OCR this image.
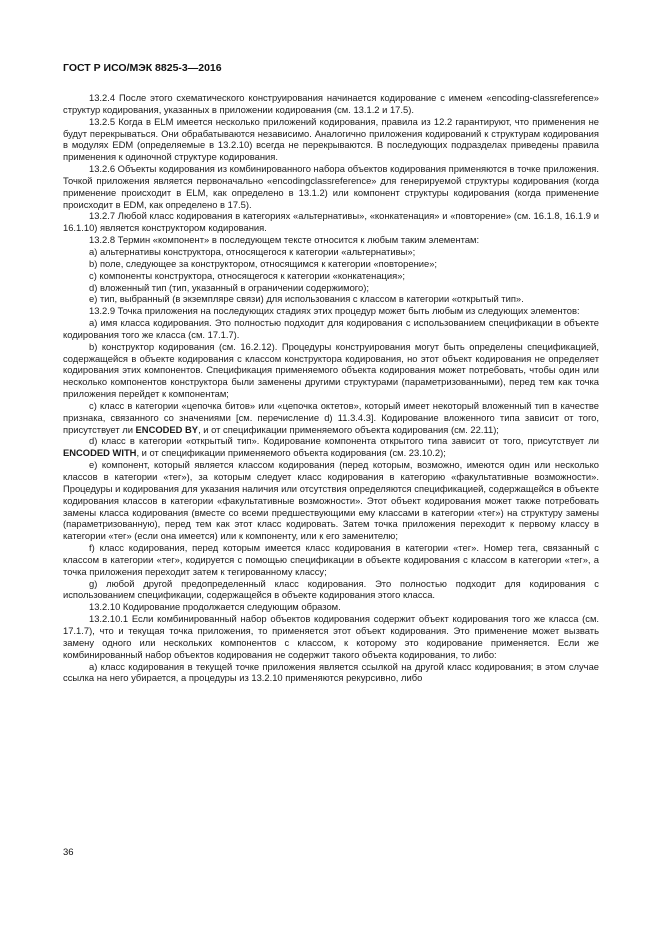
ГОСТ Р ИСО/МЭК 8825-3—2016

13.2.4 После этого схематического конструирования начинается кодирование с именем «encoding-classreference» структур кодирования, указанных в приложении кодирования (см. 13.1.2 и 17.5).

13.2.5 Когда в ELM имеется несколько приложений кодирования, правила из 12.2 гарантируют, что применения не будут перекрываться. Они обрабатываются независимо. Аналогично приложения кодирований к структурам кодирования в модулях EDM (определяемые в 13.2.10) всегда не перекрываются. В последующих подразделах приведены правила применения к одиночной структуре кодирования.

13.2.6 Объекты кодирования из комбинированного набора объектов кодирования применяются в точке приложения. Точкой приложения является первоначально «encodingclassreference» для генерируемой структуры кодирования (когда применение происходит в ELM, как определено в 13.1.2) или компонент структуры кодирования (когда применение происходит в EDM, как определено в 17.5).

13.2.7 Любой класс кодирования в категориях «альтернативы», «конкатенация» и «повторение» (см. 16.1.8, 16.1.9 и 16.1.10) является конструктором кодирования.

13.2.8 Термин «компонент» в последующем тексте относится к любым таким элементам:

a) альтернативы конструктора, относящегося к категории «альтернативы»;

b) поле, следующее за конструктором, относящимся к категории «повторение»;

c) компоненты конструктора, относящегося к категории «конкатенация»;

d) вложенный тип (тип, указанный в ограничении содержимого);

e) тип, выбранный (в экземпляре связи) для использования с классом в категории «открытый тип».

13.2.9 Точка приложения на последующих стадиях этих процедур может быть любым из следующих элементов:

a) имя класса кодирования. Это полностью подходит для кодирования с использованием спецификации в объекте кодирования того же класса (см. 17.1.7).

b) конструктор кодирования (см. 16.2.12). Процедуры конструирования могут быть определены спецификацией, содержащейся в объекте кодирования с классом конструктора кодирования, но этот объект кодирования не определяет кодирования этих компонентов. Спецификация применяемого объекта кодирования может потребовать, чтобы один или несколько компонентов конструктора были заменены другими структурами (параметризованными), перед тем как точка приложения перейдет к компонентам;

c) класс в категории «цепочка битов» или «цепочка октетов», который имеет некоторый вложенный тип в качестве признака, связанного со значениями [см. перечисление d) 11.3.4.3]. Кодирование вложенного типа зависит от того, присутствует ли ENCODED BY, и от спецификации применяемого объекта кодирования (см. 22.11);

d) класс в категории «открытый тип». Кодирование компонента открытого типа зависит от того, присутствует ли ENCODED WITH, и от спецификации применяемого объекта кодирования (см. 23.10.2);

e) компонент, который является классом кодирования (перед которым, возможно, имеются один или несколько классов в категории «тег»), за которым следует класс кодирования в категорию «факультативные возможности». Процедуры и кодирования для указания наличия или отсутствия определяются спецификацией, содержащейся в объекте кодирования классов в категории «факультативные возможности». Этот объект кодирования может также потребовать замены класса кодирования (вместе со всеми предшествующими ему классами в категории «тег») на структуру замены (параметризованную), перед тем как этот класс кодировать. Затем точка приложения переходит к первому классу в категории «тег» (если она имеется) или к компоненту, или к его заменителю;

f) класс кодирования, перед которым имеется класс кодирования в категории «тег». Номер тега, связанный с классом в категории «тег», кодируется с помощью спецификации в объекте кодирования с классом в категории «тег», а точка приложения переходит затем к тегированному классу;

g) любой другой предопределенный класс кодирования. Это полностью подходит для кодирования с использованием спецификации, содержащейся в объекте кодирования этого класса.

13.2.10 Кодирование продолжается следующим образом.

13.2.10.1 Если комбинированный набор объектов кодирования содержит объект кодирования того же класса (см. 17.1.7), что и текущая точка приложения, то применяется этот объект кодирования. Это применение может вызвать замену одного или нескольких компонентов с классом, к которому это кодирование применяется. Если же комбинированный набор объектов кодирования не содержит такого объекта кодирования, то либо:

a) класс кодирования в текущей точке приложения является ссылкой на другой класс кодирования; в этом случае ссылка на него убирается, а процедуры из 13.2.10 применяются рекурсивно, либо

36
